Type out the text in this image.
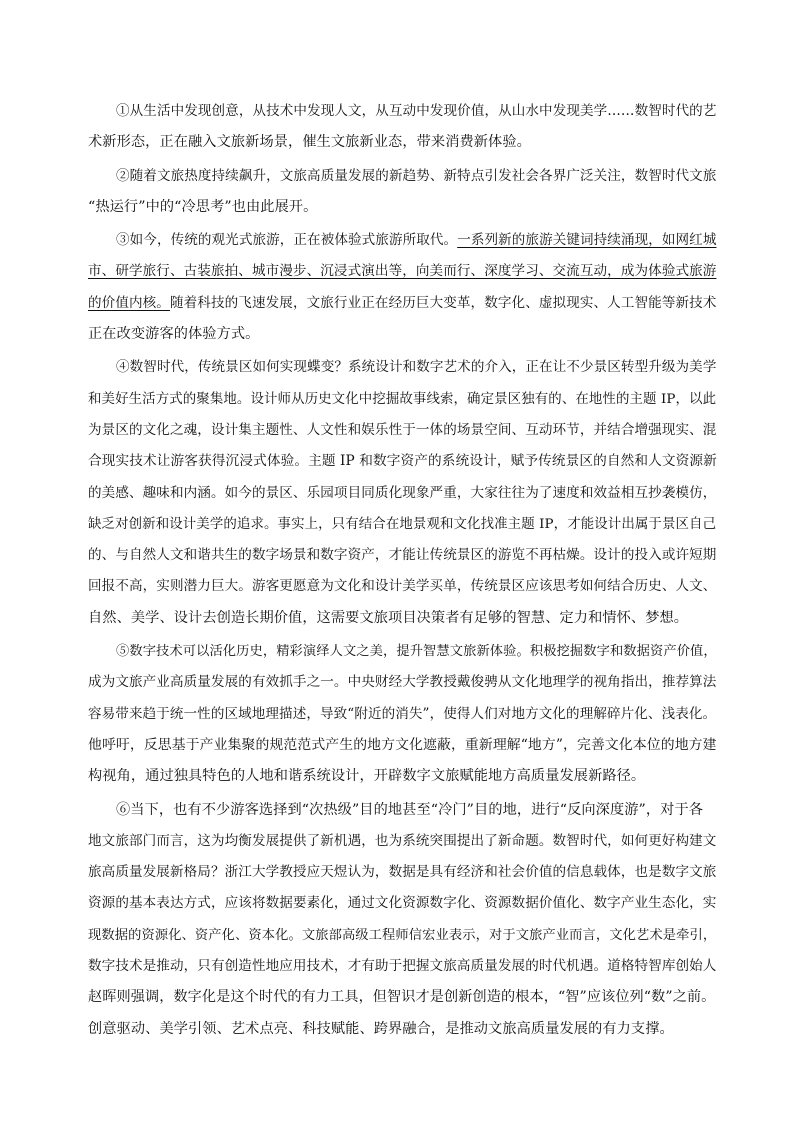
①从生活中发现创意，从技术中发现人文，从互动中发现价值，从山水中发现美学……数智时代的艺
术新形态，正在融入文旅新场景，催生文旅新业态，带来消费新体验。

②随着文旅热度持续飙升，文旅高质量发展的新趋势、新特点引发社会各界广泛关注，数智时代文旅
“热运行”中的“冷思考”也由此展开。

③如今，传统的观光式旅游，正在被体验式旅游所取代。一系列新的旅游关键词持续涌现，如网红城
市、研学旅行、古装旅拍、城市漫步、沉浸式演出等，向美而行、深度学习、交流互动，成为体验式旅游
的价值内核。随着科技的飞速发展，文旅行业正在经历巨大变革，数字化、虚拟现实、人工智能等新技术
正在改变游客的体验方式。

④数智时代，传统景区如何实现蝶变？系统设计和数字艺术的介入，正在让不少景区转型升级为美学
和美好生活方式的聚集地。设计师从历史文化中挖掘故事线索，确定景区独有的、在地性的主题 IP，以此
为景区的文化之魂，设计集主题性、人文性和娱乐性于一体的场景空间、互动环节，并结合增强现实、混
合现实技术让游客获得沉浸式体验。主题 IP 和数字资产的系统设计，赋予传统景区的自然和人文资源新
的美感、趣味和内涵。如今的景区、乐园项目同质化现象严重，大家往往为了速度和效益相互抄袭模仿，
缺乏对创新和设计美学的追求。事实上，只有结合在地景观和文化找准主题 IP，才能设计出属于景区自己
的、与自然人文和谐共生的数字场景和数字资产，才能让传统景区的游览不再枯燥。设计的投入或许短期
回报不高，实则潜力巨大。游客更愿意为文化和设计美学买单，传统景区应该思考如何结合历史、人文、
自然、美学、设计去创造长期价值，这需要文旅项目决策者有足够的智慧、定力和情怀、梦想。

⑤数字技术可以活化历史，精彩演绎人文之美，提升智慧文旅新体验。积极挖掘数字和数据资产价值，
成为文旅产业高质量发展的有效抓手之一。中央财经大学教授戴俊骋从文化地理学的视角指出，推荐算法
容易带来趋于统一性的区域地理描述，导致“附近的消失”，使得人们对地方文化的理解碎片化、浅表化。
他呼吁，反思基于产业集聚的规范范式产生的地方文化遮蔽，重新理解“地方”，完善文化本位的地方建
构视角，通过独具特色的人地和谐系统设计，开辟数字文旅赋能地方高质量发展新路径。

⑥当下，也有不少游客选择到“次热级”目的地甚至“冷门”目的地，进行“反向深度游”，对于各
地文旅部门而言，这为均衡发展提供了新机遇，也为系统突围提出了新命题。数智时代，如何更好构建文
旅高质量发展新格局？浙江大学教授应天煜认为，数据是具有经济和社会价值的信息载体，也是数字文旅
资源的基本表达方式，应该将数据要素化，通过文化资源数字化、资源数据价值化、数字产业生态化，实
现数据的资源化、资产化、资本化。文旅部高级工程师信宏业表示，对于文旅产业而言，文化艺术是牵引，
数字技术是推动，只有创造性地应用技术，才有助于把握文旅高质量发展的时代机遇。道格特智库创始人
赵晖则强调，数字化是这个时代的有力工具，但智识才是创新创造的根本，“智”应该位列“数”之前。
创意驱动、美学引领、艺术点亮、科技赋能、跨界融合，是推动文旅高质量发展的有力支撑。
